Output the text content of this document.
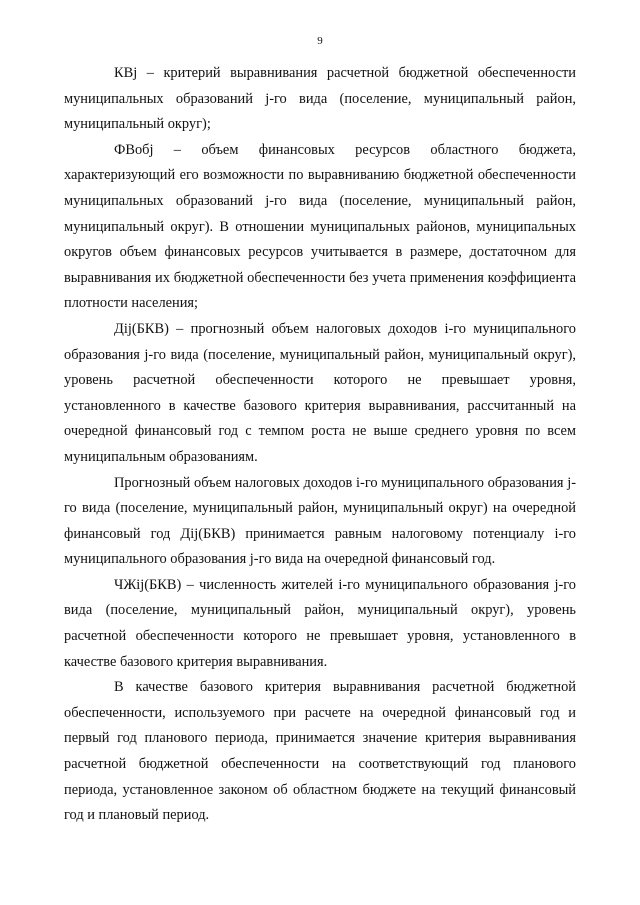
9

КВj – критерий выравнивания расчетной бюджетной обеспеченности муниципальных образований j-го вида (поселение, муниципальный район, муниципальный округ);

ФВобj – объем финансовых ресурсов областного бюджета, характеризующий его возможности по выравниванию бюджетной обеспеченности муниципальных образований j-го вида (поселение, муниципальный район, муниципальный округ). В отношении муниципальных районов, муниципальных округов объем финансовых ресурсов учитывается в размере, достаточном для выравнивания их бюджетной обеспеченности без учета применения коэффициента плотности населения;

Дij(БКВ) – прогнозный объем налоговых доходов i-го муниципального образования j-го вида (поселение, муниципальный район, муниципальный округ), уровень расчетной обеспеченности которого не превышает уровня, установленного в качестве базового критерия выравнивания, рассчитанный на очередной финансовый год с темпом роста не выше среднего уровня по всем муниципальным образованиям.

Прогнозный объем налоговых доходов i-го муниципального образования j-го вида (поселение, муниципальный район, муниципальный округ) на очередной финансовый год Дij(БКВ) принимается равным налоговому потенциалу i-го муниципального образования j-го вида на очередной финансовый год.

ЧЖij(БКВ) – численность жителей i-го муниципального образования j-го вида (поселение, муниципальный район, муниципальный округ), уровень расчетной обеспеченности которого не превышает уровня, установленного в качестве базового критерия выравнивания.

В качестве базового критерия выравнивания расчетной бюджетной обеспеченности, используемого при расчете на очередной финансовый год и первый год планового периода, принимается значение критерия выравнивания расчетной бюджетной обеспеченности на соответствующий год планового периода, установленное законом об областном бюджете на текущий финансовый год и плановый период.
